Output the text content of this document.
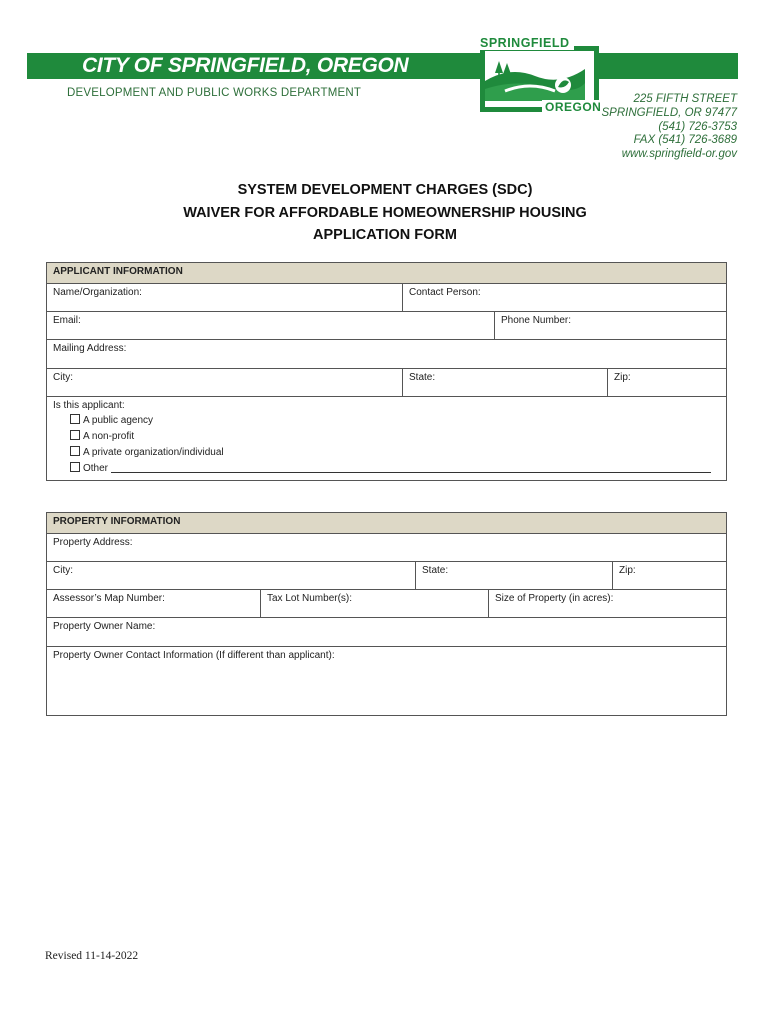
CITY OF SPRINGFIELD, OREGON
DEVELOPMENT AND PUBLIC WORKS DEPARTMENT
SPRINGFIELD
OREGON
225 FIFTH STREET
SPRINGFIELD, OR 97477
(541) 726-3753
FAX (541) 726-3689
www.springfield-or.gov
SYSTEM DEVELOPMENT CHARGES (SDC)
WAIVER FOR AFFORDABLE HOMEOWNERSHIP HOUSING
APPLICATION FORM
APPLICANT INFORMATION			
Name/Organization:	Contact Person:		
Email:		Phone Number:	
Mailing Address:			
City:	State:		Zip:

Is this applicant:
A public agency
A non-profit
A private organization/individual
Other			
PROPERTY INFORMATION				
Property Address:				
City:		State:		Zip:
Assessor’s Map Number:	Tax Lot Number(s):		Size of Property (in acres):	
Property Owner Name:				
Property Owner Contact Information (If different than applicant):				
Revised 11-14-2022
